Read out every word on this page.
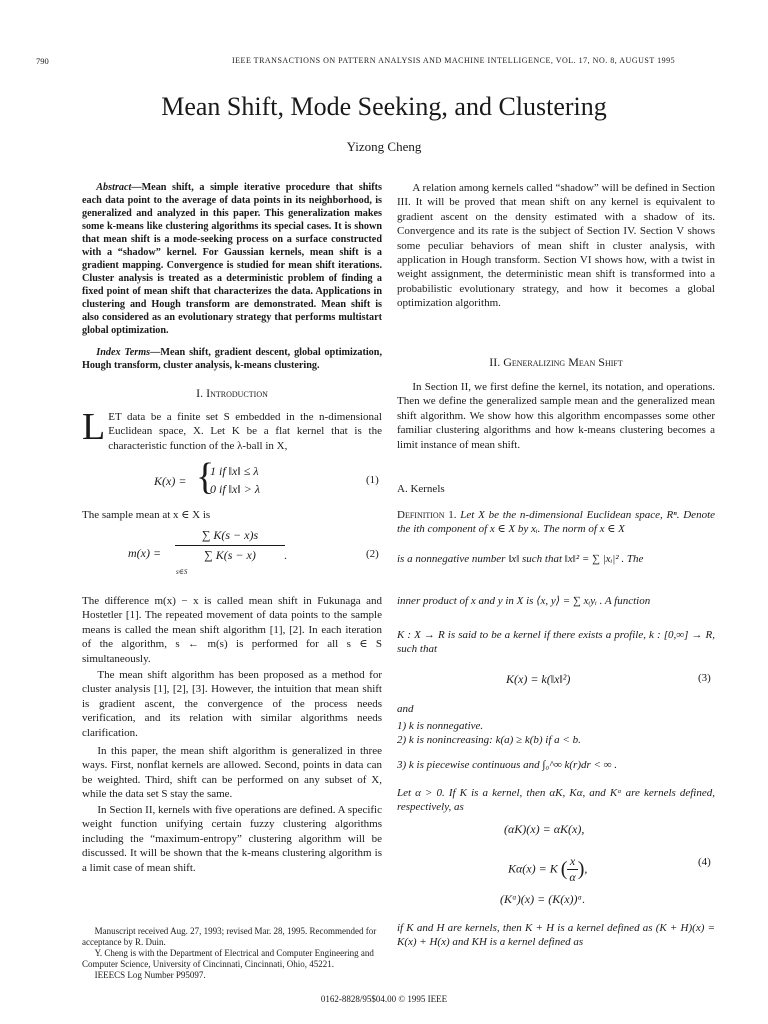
790	IEEE TRANSACTIONS ON PATTERN ANALYSIS AND MACHINE INTELLIGENCE, VOL. 17, NO. 8, AUGUST 1995
Mean Shift, Mode Seeking, and Clustering
Yizong Cheng
Abstract—Mean shift, a simple iterative procedure that shifts each data point to the average of data points in its neighborhood, is generalized and analyzed in this paper. This generalization makes some k-means like clustering algorithms its special cases. It is shown that mean shift is a mode-seeking process on a surface constructed with a “shadow” kernel. For Gaussian kernels, mean shift is a gradient mapping. Convergence is studied for mean shift iterations. Cluster analysis is treated as a deterministic problem of finding a fixed point of mean shift that characterizes the data. Applications in clustering and Hough transform are demonstrated. Mean shift is also considered as an evolutionary strategy that performs multistart global optimization.
Index Terms—Mean shift, gradient descent, global optimization, Hough transform, cluster analysis, k-means clustering.
I. Introduction
LET data be a finite set S embedded in the n-dimensional Euclidean space, X. Let K be a flat kernel that is the characteristic function of the λ-ball in X,
K(x) = {
1 if ‖x‖ ≤ λ
0 if ‖x‖ > λ
(1)
The sample mean at x ∈ X is
$m(x) = \frac{\sum K(s - x)s}{\sum K(s - x)}$
s∈S
.	(2)
The difference m(x) − x is called mean shift in Fukunaga and Hostetler [1]. The repeated movement of data points to the sample means is called the mean shift algorithm [1], [2]. In each iteration of the algorithm, s ← m(s) is performed for all s ∈ S simultaneously.
The mean shift algorithm has been proposed as a method for cluster analysis [1], [2], [3]. However, the intuition that mean shift is gradient ascent, the convergence of the process needs verification, and its relation with similar algorithms needs clarification.
In this paper, the mean shift algorithm is generalized in three ways. First, nonflat kernels are allowed. Second, points in data can be weighted. Third, shift can be performed on any subset of X, while the data set S stay the same.
In Section II, kernels with five operations are defined. A specific weight function unifying certain fuzzy clustering algorithms including the “maximum-entropy” clustering algorithm will be discussed. It will be shown that the k-means clustering algorithm is a limit case of mean shift.

Manuscript received Aug. 27, 1993; revised Mar. 28, 1995. Recommended for acceptance by R. Duin.

Y. Cheng is with the Department of Electrical and Computer Engineering and Computer Science, University of Cincinnati, Cincinnati, Ohio, 45221.

IEEECS Log Number P95097.

A relation among kernels called “shadow” will be defined in Section III. It will be proved that mean shift on any kernel is equivalent to gradient ascent on the density estimated with a shadow of its. Convergence and its rate is the subject of Section IV. Section V shows some peculiar behaviors of mean shift in cluster analysis, with application in Hough transform. Section VI shows how, with a twist in weight assignment, the deterministic mean shift is transformed into a probabilistic evolutionary strategy, and how it becomes a global optimization algorithm.
II. Generalizing Mean Shift
In Section II, we first define the kernel, its notation, and operations. Then we define the generalized sample mean and the generalized mean shift algorithm. We show how this algorithm encompasses some other familiar clustering algorithms and how k-means clustering becomes a limit instance of mean shift.
A. Kernels
Definition 1. Let X be the n-dimensional Euclidean space, Rⁿ. Denote the ith component of x ∈ X by xᵢ. The norm of x ∈ X
is a nonnegative number ‖x‖ such that ‖x‖² = ∑ |xᵢ|² . The
inner product of x and y in X is ⟨x, y⟩ = ∑ xᵢyᵢ . A function
K : X → R is said to be a kernel if there exists a profile, k : [0,∞] → R, such that
K(x) = k(‖x‖²)	(3)
and
1) k is nonnegative.
2) k is nonincreasing: k(a) ≥ k(b) if a < b.
3) k is piecewise continuous and ∫₀^∞ k(r)dr < ∞ .
Let α > 0. If K is a kernel, then αK, Kα, and Kᵅ are kernels defined, respectively, as
(αK)(x) = αK(x),
Kα(x) = K ( $\frac{x}{\alpha}$ ),	(4)
(Kᵅ)(x) = (K(x))ᵅ.
if K and H are kernels, then K + H is a kernel defined as (K + H)(x) = K(x) + H(x) and KH is a kernel defined as
0162-8828/95$04.00 © 1995 IEEE
